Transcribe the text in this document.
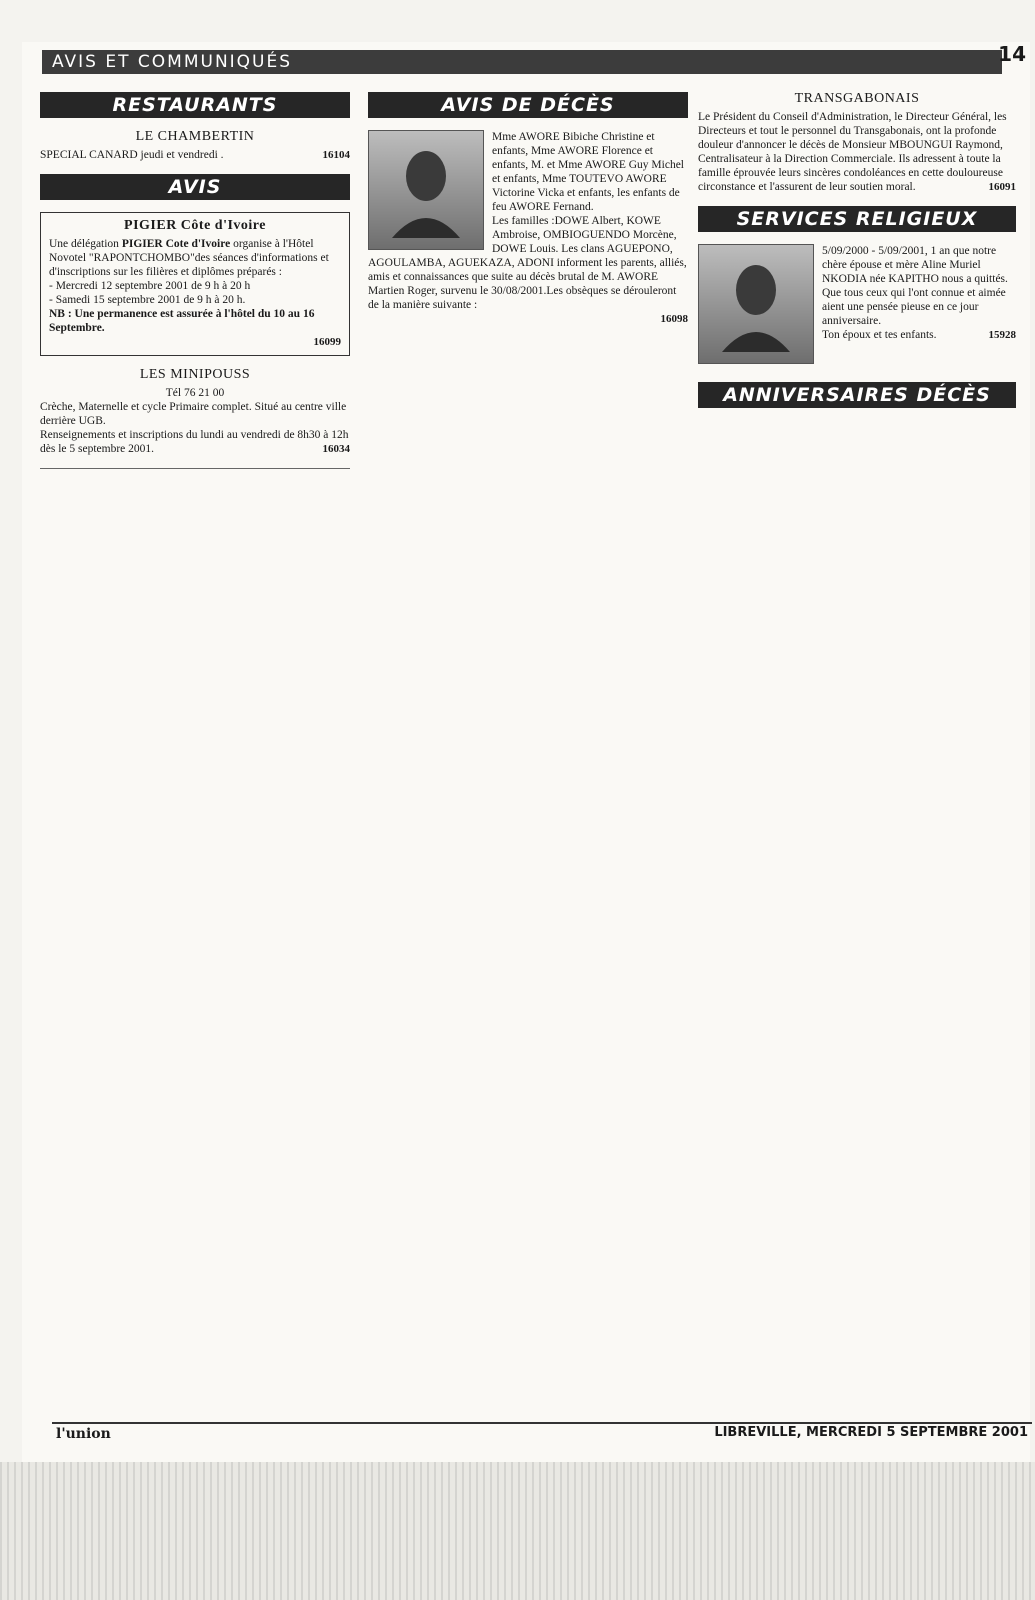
AVIS ET COMMUNIQUÉS	14
RESTAURANTS
LE CHAMBERTIN
SPECIAL CANARD jeudi et vendredi .	16104
AVIS
PIGIER Côte d'Ivoire
Une délégation PIGIER Cote d'Ivoire organise à l'Hôtel Novotel "RAPONTCHOMBO"des séances d'informations et d'inscriptions sur les filières et diplômes préparés :
- Mercredi 12 septembre 2001 de 9 h à 20 h
- Samedi 15 septembre 2001 de 9 h à 20 h.
NB : Une permanence est assurée à l'hôtel du 10 au 16 Septembre.
16099
LES MINIPOUSS
Tél 76 21 00
Crèche, Maternelle et cycle Primaire complet. Situé au centre ville derrière UGB.
Renseignements et inscriptions du lundi au vendredi de 8h30 à 12h dès le 5 septembre 2001.	16034
AVIS DE DÉCÈS
Mme AWORE Bibiche Christine et enfants, Mme AWORE Florence et enfants, M. et Mme AWORE Guy Michel et enfants, Mme TOUTEVO AWORE Victorine Vicka et enfants, les enfants de feu AWORE Fernand.
Les familles :DOWE Albert, KOWE Ambroise, OMBIOGUENDO Morcène, DOWE Louis. Les clans AGUEPONO, AGOULAMBA, AGUEKAZA, ADONI informent les parents, alliés, amis et connaissances que suite au décès brutal de M. AWORE Martien Roger, survenu le 30/08/2001.Les obsèques se dérouleront de la manière suivante :
16098
TRANSGABONAIS
Le Président du Conseil d'Administration, le Directeur Général, les Directeurs et tout le personnel du Transgabonais, ont la profonde douleur d'annoncer le décès de Monsieur MBOUNGUI Raymond, Centralisateur à la Direction Commerciale. Ils adressent à toute la famille éprouvée leurs sincères condoléances en cette douloureuse circonstance et l'assurent de leur soutien moral.	16091
SERVICES RELIGIEUX
5/09/2000 - 5/09/2001, 1 an que notre chère épouse et mère Aline Muriel NKODIA née KAPITHO nous a quittés.
Que tous ceux qui l'ont connue et aimée aient une pensée pieuse en ce jour anniversaire.
Ton époux et tes enfants.	15928
ANNIVERSAIRES DÉCÈS
l'union	LIBREVILLE, MERCREDI 5 SEPTEMBRE 2001
